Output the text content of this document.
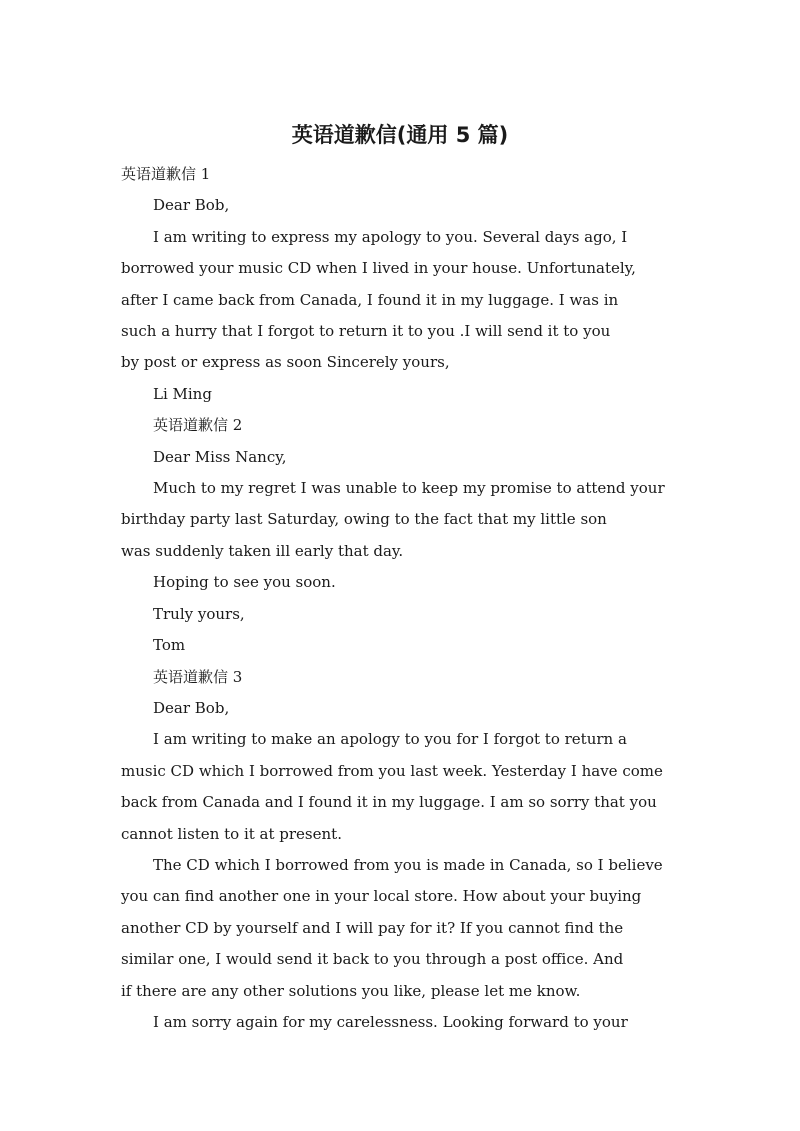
英语道歉信(通用 5 篇)
英语道歉信 1
Dear Bob,
I am writing to express my apology to you. Several days ago, I
borrowed your music CD when I lived in your house. Unfortunately,
after I came back from Canada, I found it in my luggage. I was in
such a hurry that I forgot to return it to you .I will send it to you
by post or express as soon Sincerely yours,
Li Ming
英语道歉信 2
Dear Miss Nancy,
Much to my regret I was unable to keep my promise to attend your
birthday party last Saturday, owing to the fact that my little son
was suddenly taken ill early that day.
Hoping to see you soon.
Truly yours,
Tom
英语道歉信 3
Dear Bob,
I am writing to make an apology to you for I forgot to return a
music CD which I borrowed from you last week. Yesterday I have come
back from Canada and I found it in my luggage. I am so sorry that you
cannot listen to it at present.
The CD which I borrowed from you is made in Canada, so I believe
you can find another one in your local store. How about your buying
another CD by yourself and I will pay for it? If you cannot find the
similar one, I would send it back to you through a post office. And
if there are any other solutions you like, please let me know.
I am sorry again for my carelessness. Looking forward to your
